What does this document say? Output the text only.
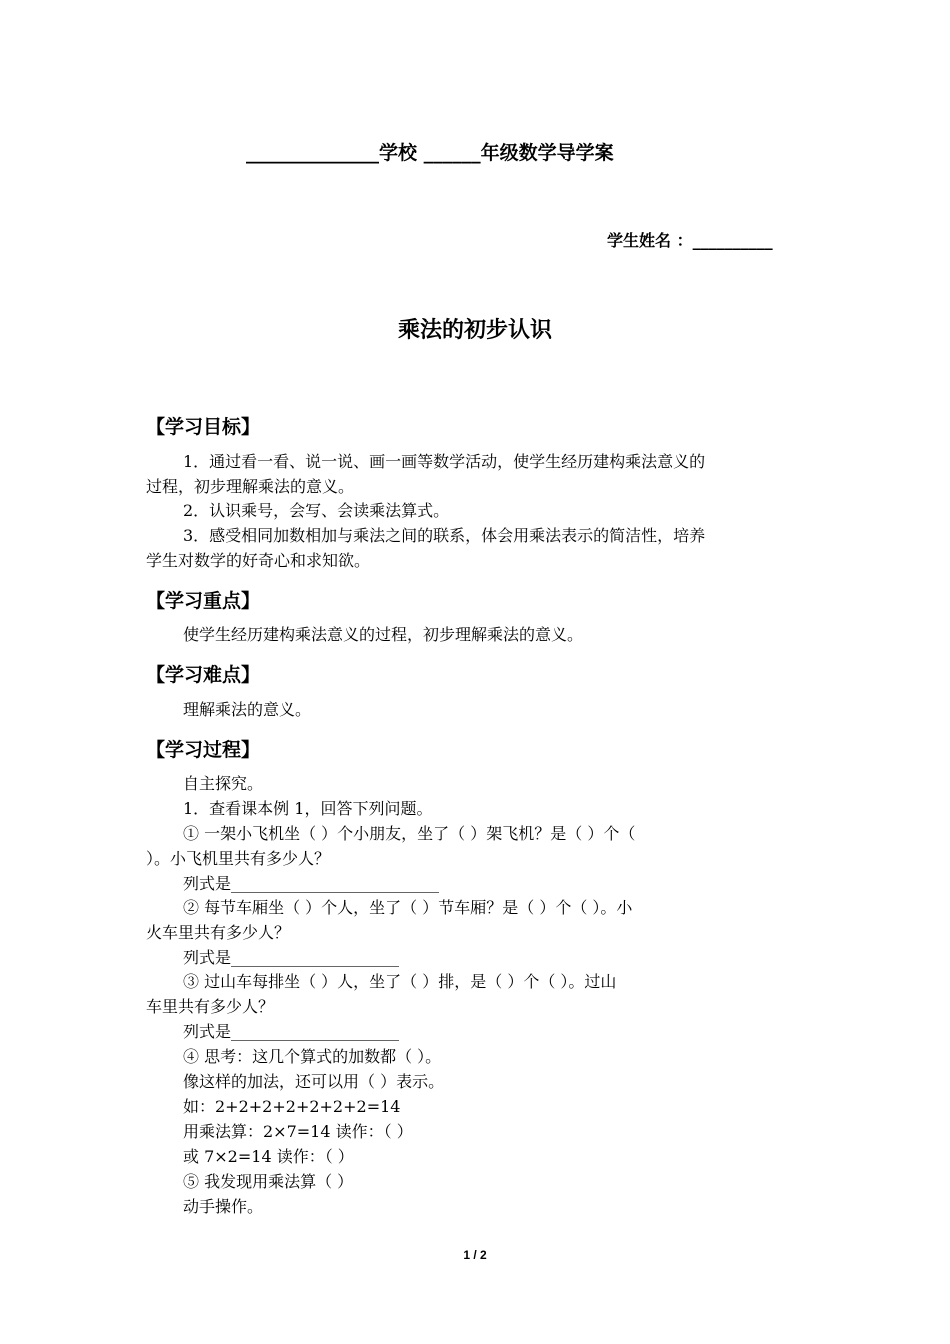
______________学校 ______年级数学导学案
学生姓名 ：__________
乘法的初步认识
【学习目标】
1．通过看一看、说一说、画一画等数学活动，使学生经历建构乘法意义的
过程，初步理解乘法的意义。
2．认识乘号，会写、会读乘法算式。
3．感受相同加数相加与乘法之间的联系，体会用乘法表示的简洁性，培养
学生对数学的好奇心和求知欲。
【学习重点】
使学生经历建构乘法意义的过程，初步理解乘法的意义。
【学习难点】
理解乘法的意义。
【学习过程】
自主探究。
1．查看课本例 1，回答下列问题。
① 一架小飞机坐（ ）个小朋友，坐了（ ）架飞机？是（ ）个（
）。小飞机里共有多少人？
列式是__________________________
② 每节车厢坐（ ）个人，坐了（ ）节车厢？是（ ）个（ ）。小
火车里共有多少人？
列式是_____________________
③ 过山车每排坐（ ）人，坐了（ ）排，是（ ）个（ ）。过山
车里共有多少人？
列式是_____________________
④ 思考：这几个算式的加数都（ ）。
像这样的加法，还可以用（ ）表示。
如：2+2+2+2+2+2+2=14
用乘法算：2×7=14 读作：（ ）
或 7×2=14 读作：（ ）
⑤ 我发现用乘法算（ ）
动手操作。
1 / 2
